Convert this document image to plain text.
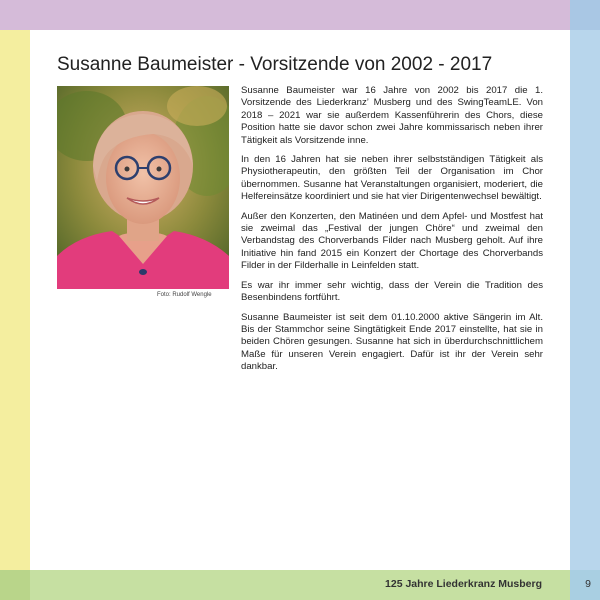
Susanne Baumeister - Vorsitzende von 2002 - 2017
Foto: Rudolf Wengle

Susanne Baumeister war 16 Jahre von 2002 bis 2017 die 1. Vorsitzende des Liederkranz’ Musberg und des SwingTeamLE. Von 2018 – 2021 war sie außerdem Kassenführerin des Chors, diese Position hatte sie davor schon zwei Jahre kommissarisch neben ihrer Tätigkeit als Vorsitzende inne.

In den 16 Jahren hat sie neben ihrer selbstständigen Tätigkeit als Physiotherapeutin, den größten Teil der Organisation im Chor übernommen. Susanne hat Veranstaltungen organisiert, moderiert, die Helfereinsätze koordiniert und sie hat vier Dirigentenwechsel bewältigt.

Außer den Konzerten, den Matinéen und dem Apfel- und Mostfest hat sie zweimal das „Festival der jungen Chöre“ und zweimal den Verbandstag des Chorverbands Filder nach Musberg geholt. Auf ihre Initiative hin fand 2015 ein Konzert der Chortage des Chorverbands Filder in der Filderhalle in Leinfelden statt.

Es war ihr immer sehr wichtig, dass der Verein die Tradition des Besenbindens fortführt.

Susanne Baumeister ist seit dem 01.10.2000 aktive Sängerin im Alt. Bis der Stammchor seine Singtätigkeit Ende 2017 einstellte, hat sie in beiden Chören gesungen. Susanne hat sich in überdurchschnittlichem Maße für unseren Verein engagiert. Dafür ist ihr der Verein sehr dankbar.

125 Jahre Liederkranz Musberg	9
